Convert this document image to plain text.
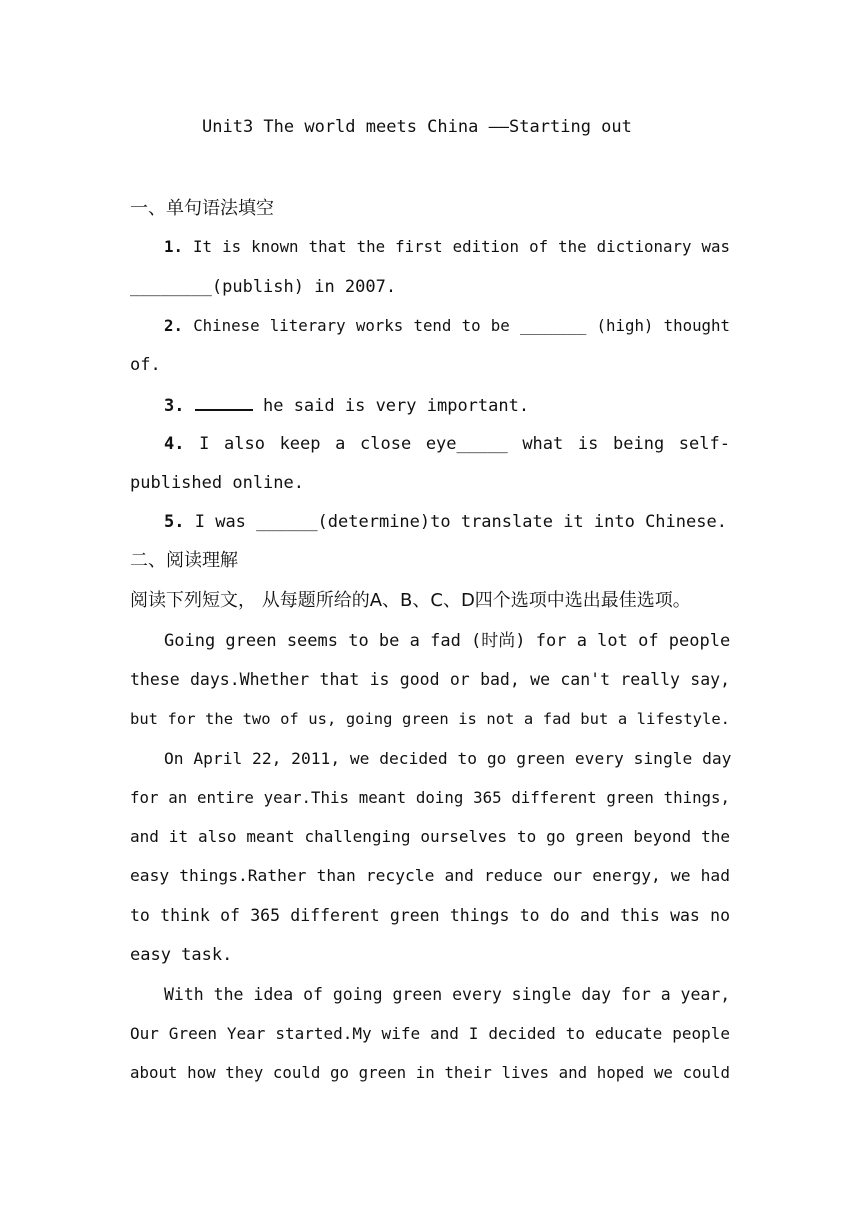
Unit3 The world meets China ——Starting out
一、单句语法填空
1. It is known that the first edition of the dictionary was
________(publish) in 2007.
2. Chinese literary works tend to be _______ (high) thought
of.
3.	he said is very important.
4. I also keep a close eye_____ what is being self-
published online.
5. I was ______(determine)to translate it into Chinese.
二、阅读理解
阅读下列短文， 从每题所给的A、B、C、D四个选项中选出最佳选项。
Going green seems to be a fad (时尚) for a lot of people
these days.Whether that is good or bad, we can't really say,
but for the two of us, going green is not a fad but a lifestyle.
On April 22, 2011, we decided to go green every single day
for an entire year.This meant doing 365 different green things,
and it also meant challenging ourselves to go green beyond the
easy things.Rather than recycle and reduce our energy, we had
to think of 365 different green things to do and this was no
easy task.
With the idea of going green every single day for a year,
Our Green Year started.My wife and I decided to educate people
about how they could go green in their lives and hoped we could
